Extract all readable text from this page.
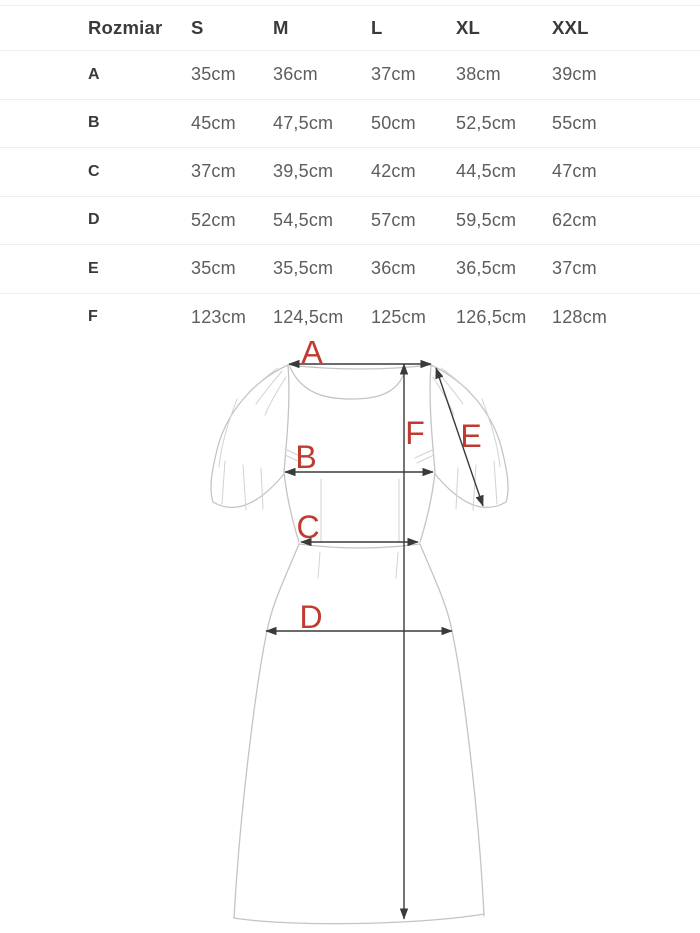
Rozmiar	S	M	L	XL	XXL
A	35cm	36cm	37cm	38cm	39cm
B	45cm	47,5cm	50cm	52,5cm	55cm
C	37cm	39,5cm	42cm	44,5cm	47cm
D	52cm	54,5cm	57cm	59,5cm	62cm
E	35cm	35,5cm	36cm	36,5cm	37cm
F	123cm	124,5cm	125cm	126,5cm	128cm
A
B
C
D
E
F
